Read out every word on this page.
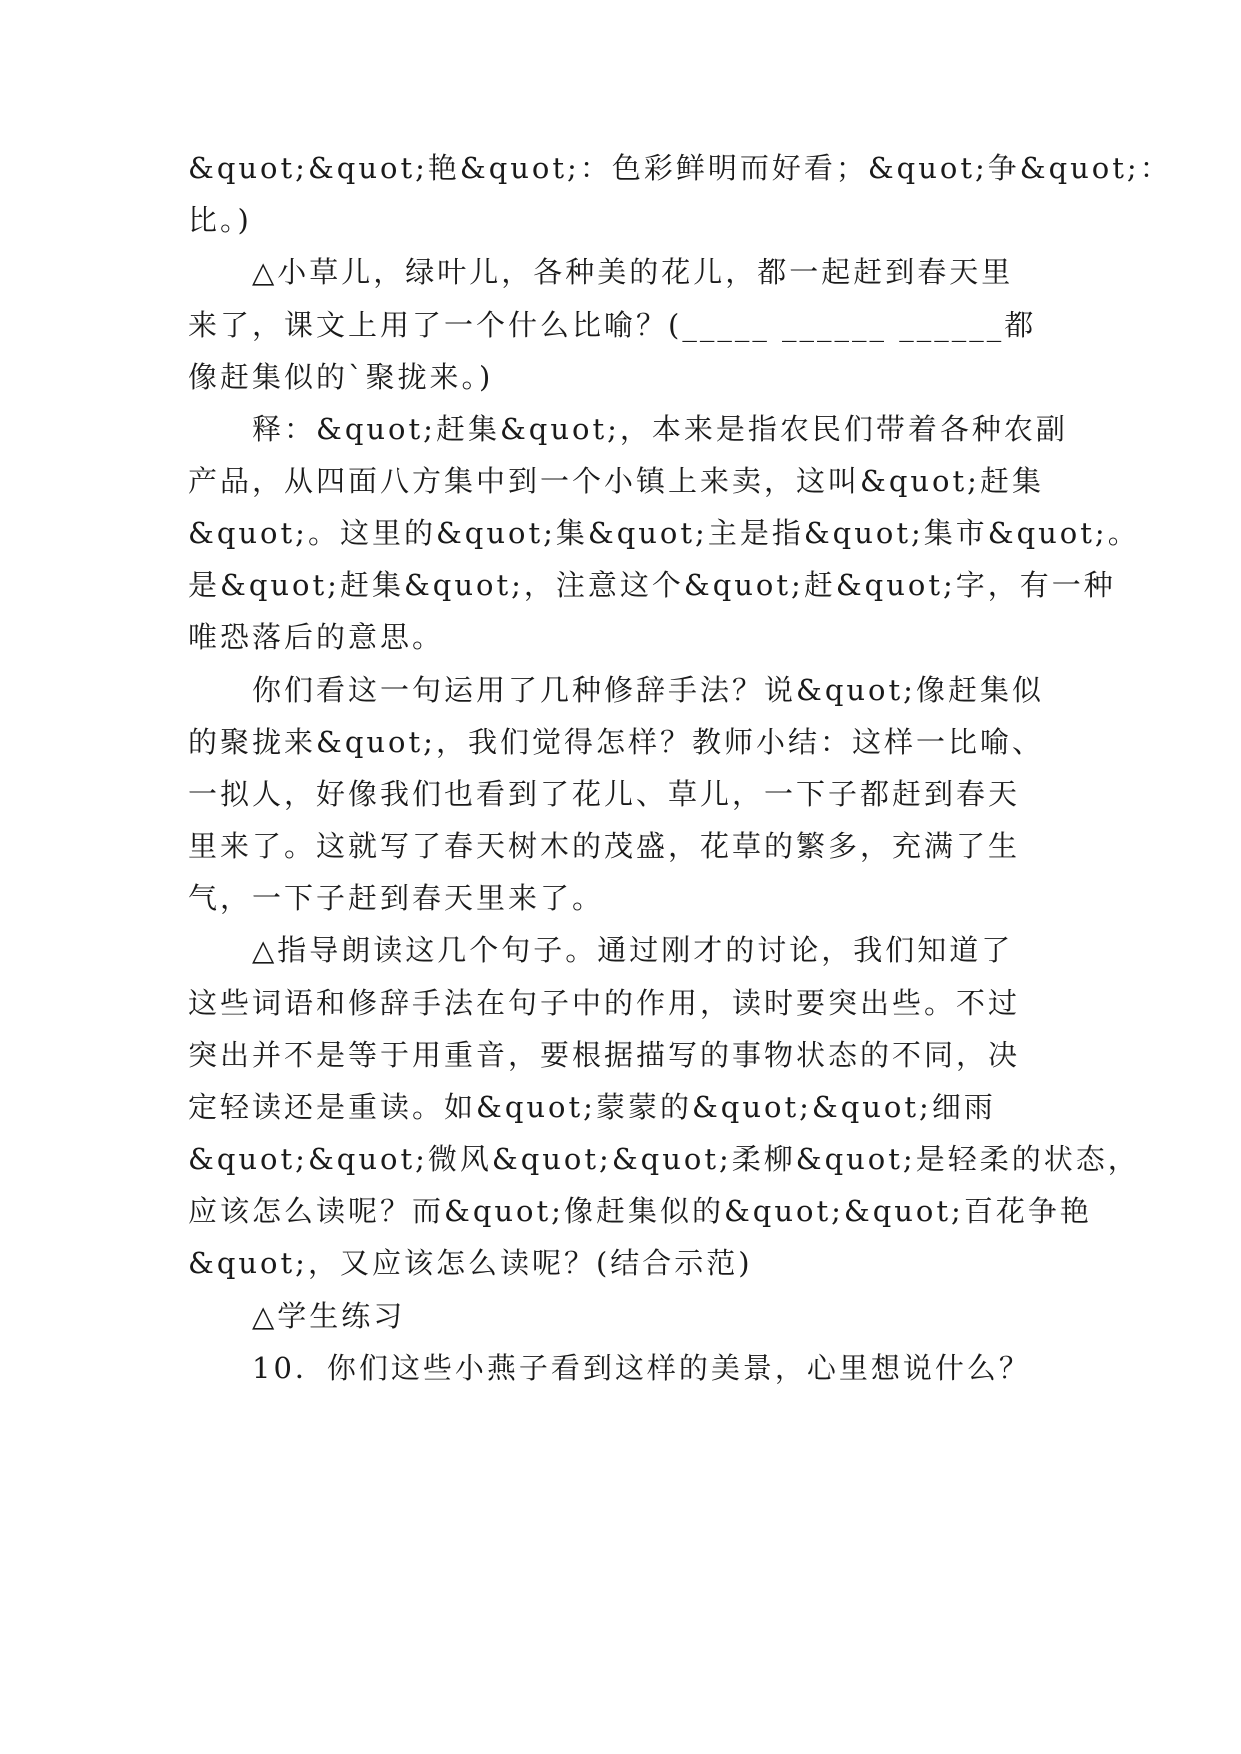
&quot;&quot;艳&quot;：色彩鲜明而好看；&quot;争&quot;：
比。)
△小草儿，绿叶儿，各种美的花儿，都一起赶到春天里
来了，课文上用了一个什么比喻？(_____ ______ ______都
像赶集似的`聚拢来。)
释：&quot;赶集&quot;，本来是指农民们带着各种农副
产品，从四面八方集中到一个小镇上来卖，这叫&quot;赶集
&quot;。这里的&quot;集&quot;主是指&quot;集市&quot;。
是&quot;赶集&quot;，注意这个&quot;赶&quot;字，有一种
唯恐落后的意思。
你们看这一句运用了几种修辞手法？说&quot;像赶集似
的聚拢来&quot;，我们觉得怎样？教师小结：这样一比喻、
一拟人，好像我们也看到了花儿、草儿，一下子都赶到春天
里来了。这就写了春天树木的茂盛，花草的繁多，充满了生
气，一下子赶到春天里来了。
△指导朗读这几个句子。通过刚才的讨论，我们知道了
这些词语和修辞手法在句子中的作用，读时要突出些。不过
突出并不是等于用重音，要根据描写的事物状态的不同，决
定轻读还是重读。如&quot;蒙蒙的&quot;&quot;细雨
&quot;&quot;微风&quot;&quot;柔柳&quot;是轻柔的状态，
应该怎么读呢？而&quot;像赶集似的&quot;&quot;百花争艳
&quot;，又应该怎么读呢？(结合示范)
△学生练习
10．你们这些小燕子看到这样的美景，心里想说什么？
